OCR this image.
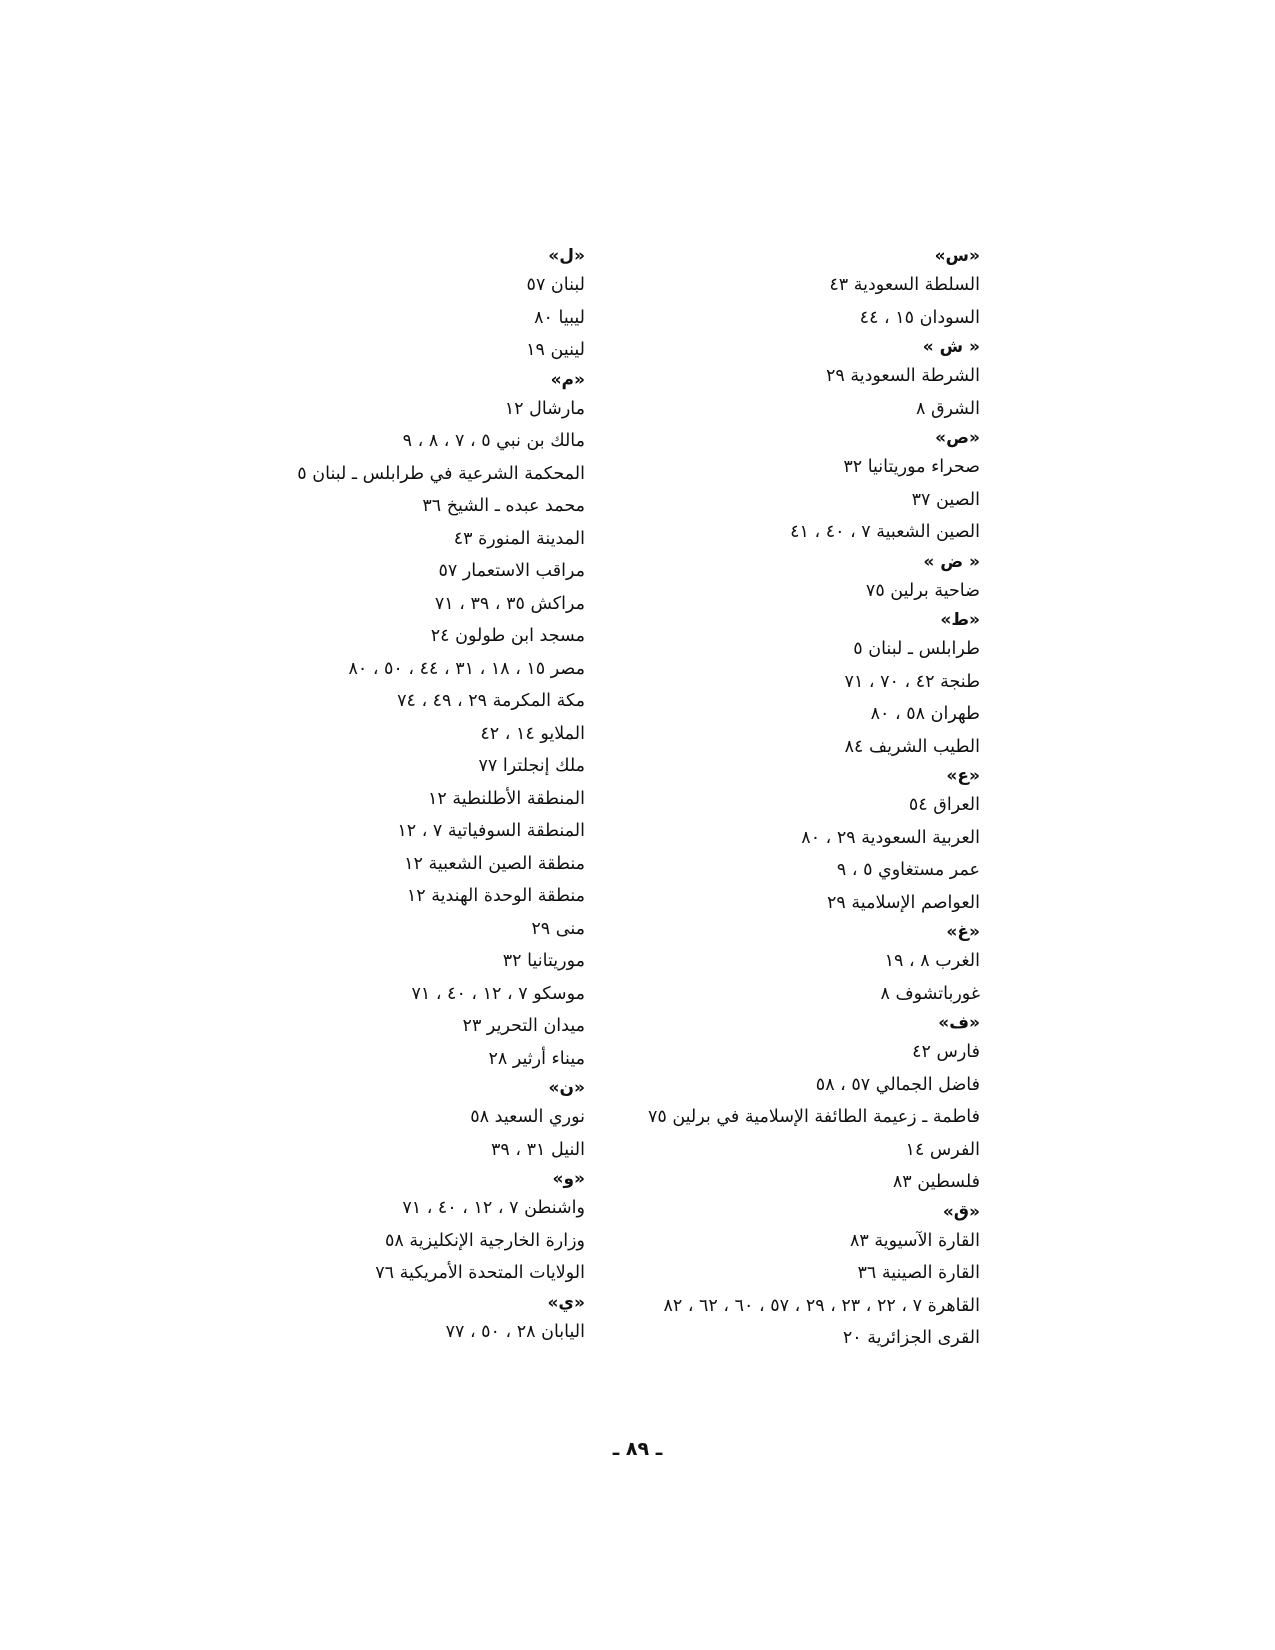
«س»
السلطة السعودية ٤٣
السودان ١٥ ، ٤٤
« ش »
الشرطة السعودية ٢٩
الشرق ٨
«ص»
صحراء موريتانيا ٣٢
الصين ٣٧
الصين الشعبية ٧ ، ٤٠ ، ٤١
« ض »
ضاحية برلين ٧٥
«ط»
طرابلس ـ لبنان ٥
طنجة ٤٢ ، ٧٠ ، ٧١
طهران ٥٨ ، ٨٠
الطيب الشريف ٨٤
«ع»
العراق ٥٤
العربية السعودية ٢٩ ، ٨٠
عمر مستغاوي ٥ ، ٩
العواصم الإسلامية ٢٩
«غ»
الغرب ٨ ، ١٩
غورباتشوف ٨
«ف»
فارس ٤٢
فاضل الجمالي ٥٧ ، ٥٨
فاطمة ـ زعيمة الطائفة الإسلامية في برلين ٧٥
الفرس ١٤
فلسطين ٨٣
«ق»
القارة الآسيوية ٨٣
القارة الصينية ٣٦
القاهرة ٧ ، ٢٢ ، ٢٣ ، ٢٩ ، ٥٧ ، ٦٠ ، ٦٢ ، ٨٢
القرى الجزائرية ٢٠
«ل»
لبنان ٥٧
ليبيا ٨٠
لينين ١٩
«م»
مارشال ١٢
مالك بن نبي ٥ ، ٧ ، ٨ ، ٩
المحكمة الشرعية في طرابلس ـ لبنان ٥
محمد عبده ـ الشيخ ٣٦
المدينة المنورة ٤٣
مراقب الاستعمار ٥٧
مراكش ٣٥ ، ٣٩ ، ٧١
مسجد ابن طولون ٢٤
مصر ١٥ ، ١٨ ، ٣١ ، ٤٤ ، ٥٠ ، ٨٠
مكة المكرمة ٢٩ ، ٤٩ ، ٧٤
الملايو ١٤ ، ٤٢
ملك إنجلترا ٧٧
المنطقة الأطلنطية ١٢
المنطقة السوفياتية ٧ ، ١٢
منطقة الصين الشعبية ١٢
منطقة الوحدة الهندية ١٢
منى ٢٩
موريتانيا ٣٢
موسكو ٧ ، ١٢ ، ٤٠ ، ٧١
ميدان التحرير ٢٣
ميناء أرثير ٢٨
«ن»
نوري السعيد ٥٨
النيل ٣١ ، ٣٩
«و»
واشنطن ٧ ، ١٢ ، ٤٠ ، ٧١
وزارة الخارجية الإنكليزية ٥٨
الولايات المتحدة الأمريكية ٧٦
«ي»
اليابان ٢٨ ، ٥٠ ، ٧٧
ـ ٨٩ ـ
